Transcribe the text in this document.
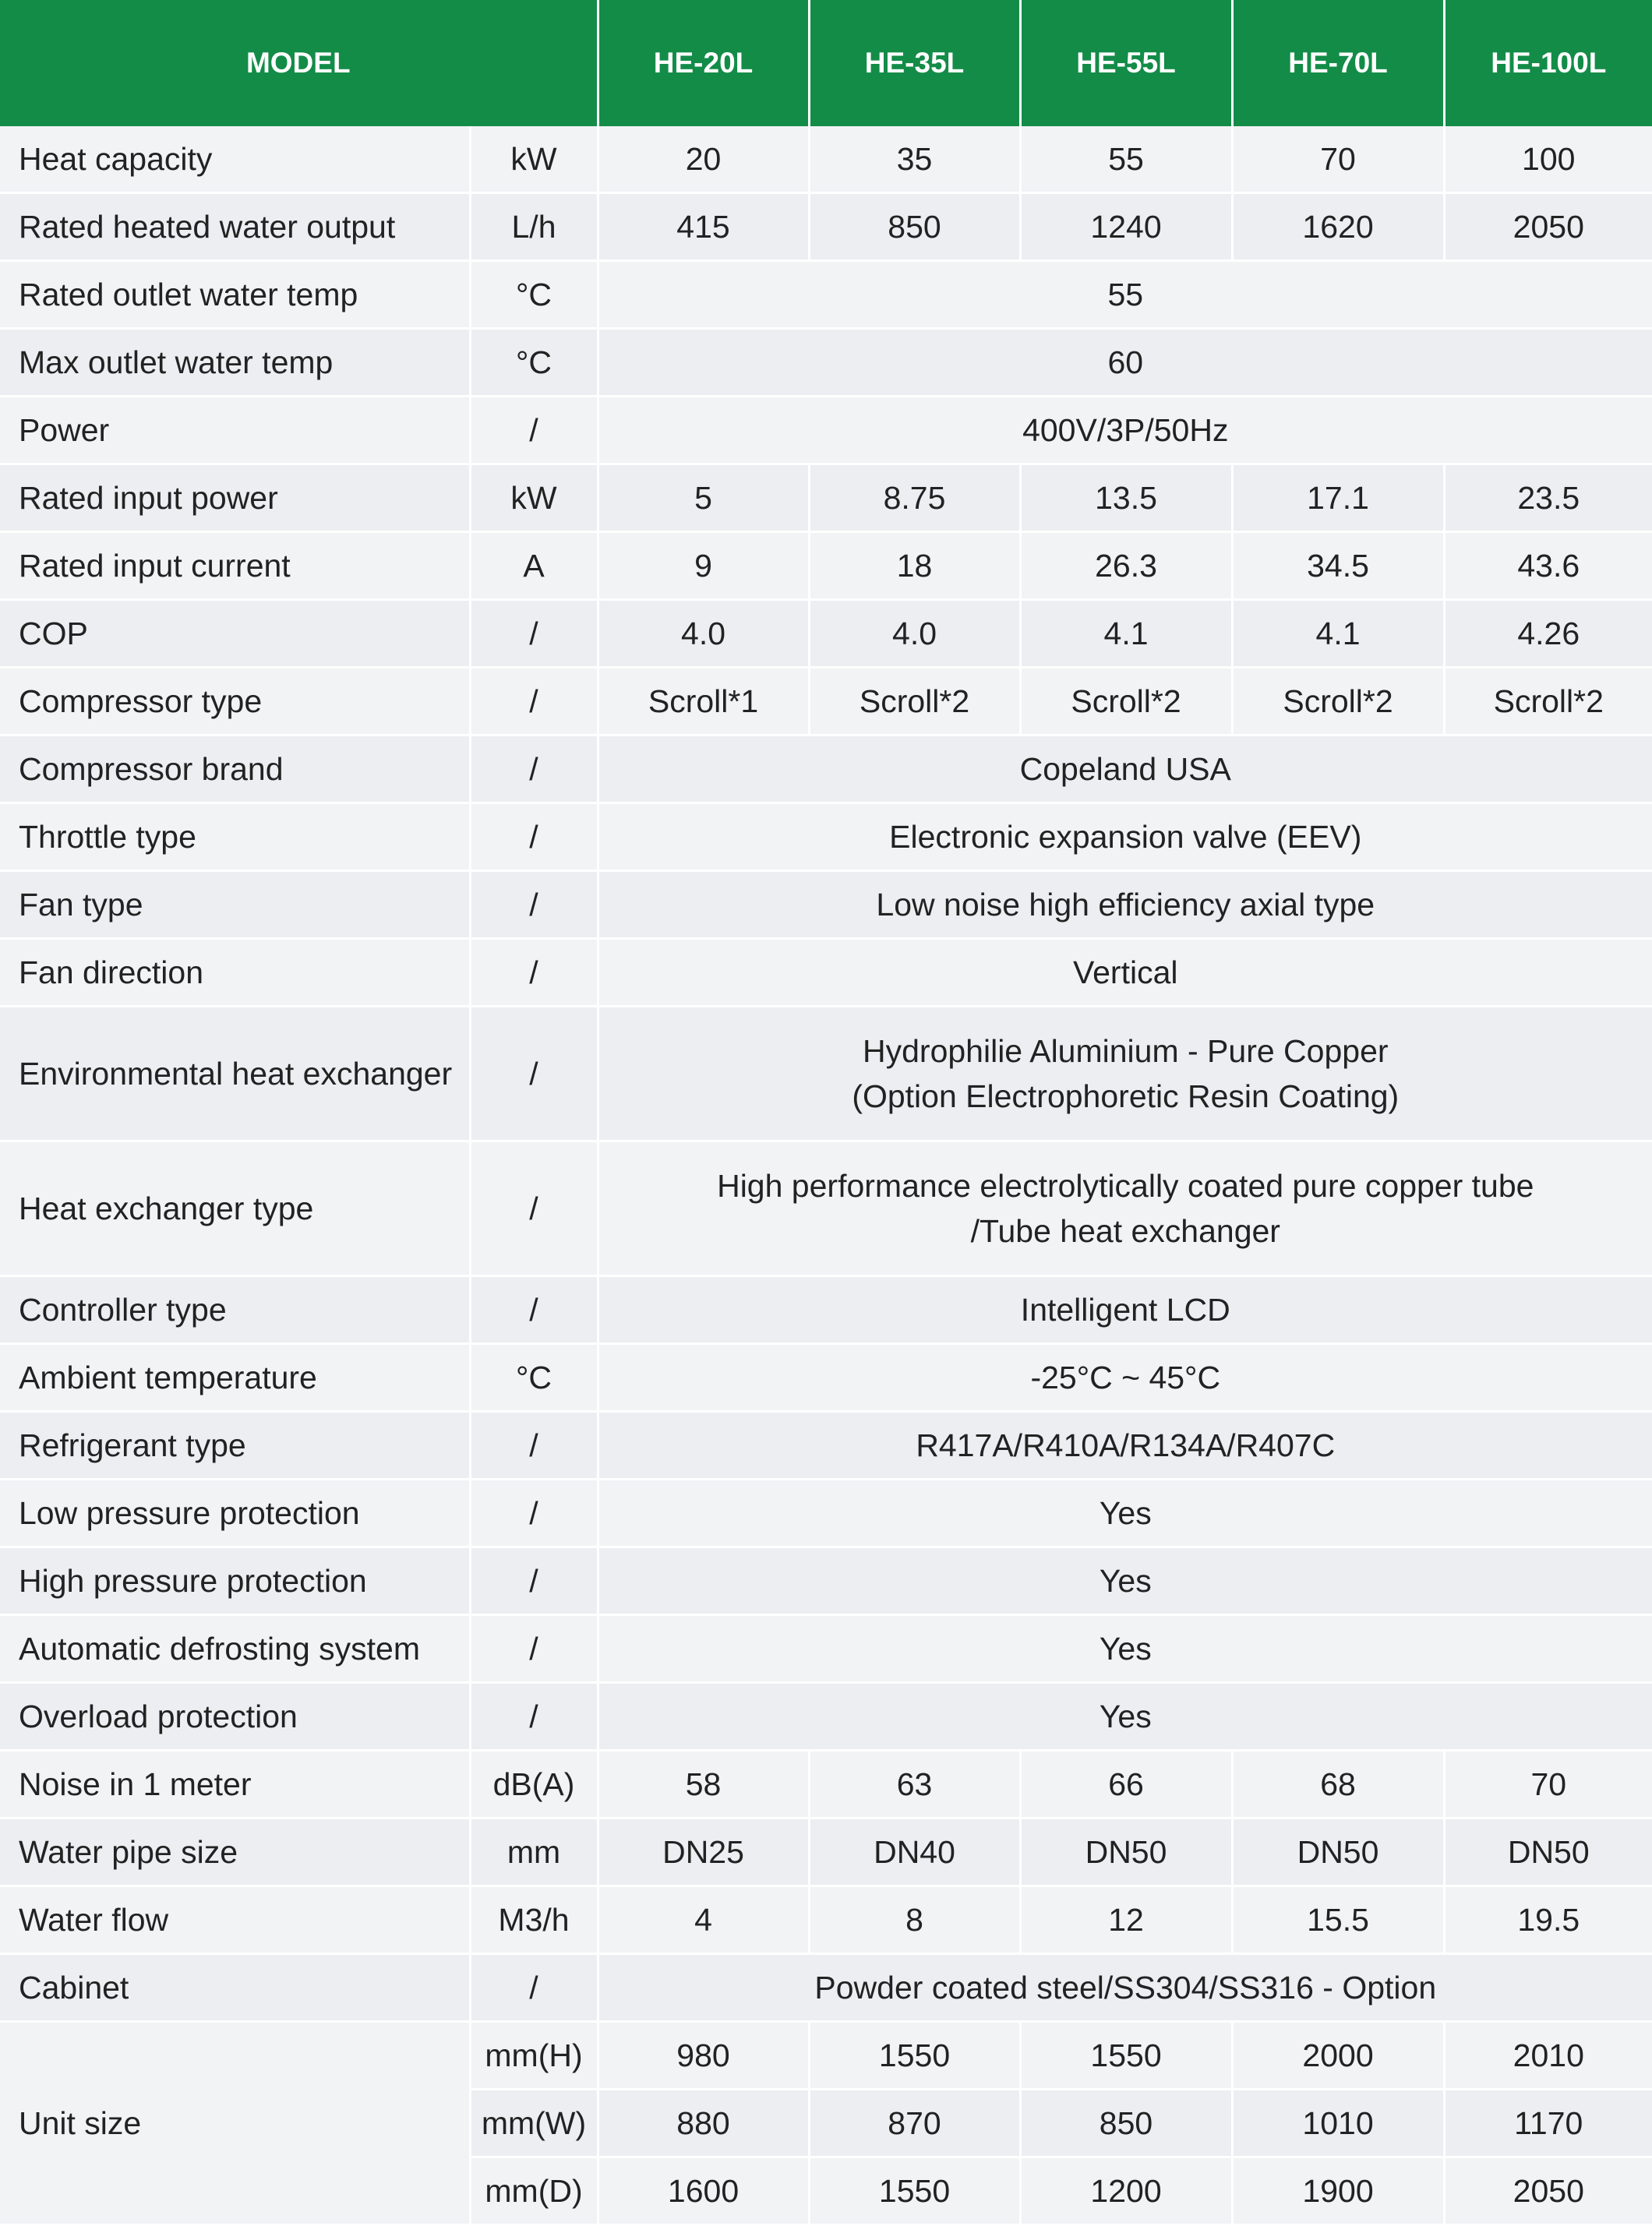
MODEL		HE-20L	HE-35L	HE-55L	HE-70L	HE-100L
Heat capacity	kW	20	35	55	70	100
Rated heated water output	L/h	415	850	1240	1620	2050
Rated outlet water temp	°C	55				
Max outlet water temp	°C	60				
Power	/	400V/3P/50Hz				
Rated input power	kW	5	8.75	13.5	17.1	23.5
Rated input current	A	9	18	26.3	34.5	43.6
COP	/	4.0	4.0	4.1	4.1	4.26
Compressor type	/	Scroll*1	Scroll*2	Scroll*2	Scroll*2	Scroll*2
Compressor brand	/	Copeland USA				
Throttle type	/	Electronic expansion valve (EEV)				
Fan type	/	Low noise high efficiency axial type				
Fan direction	/	Vertical				
Environmental heat exchanger	/	Hydrophilie Aluminium - Pure Copper
(Option Electrophoretic Resin Coating)				

Heat exchanger type	/	High performance electrolytically coated pure copper tube
/Tube heat exchanger				

Controller type	/	Intelligent LCD				
Ambient temperature	°C	-25°C ~ 45°C				
Refrigerant type	/	R417A/R410A/R134A/R407C				
Low pressure protection	/	Yes				
High pressure protection	/	Yes				
Automatic defrosting system	/	Yes				
Overload protection	/	Yes				
Noise in 1 meter	dB(A)	58	63	66	68	70
Water pipe size	mm	DN25	DN40	DN50	DN50	DN50
Water flow	M3/h	4	8	12	15.5	19.5
Cabinet	/	Powder coated steel/SS304/SS316 - Option				
Unit size	mm(H)	980	1550	1550	2000	2010
	mm(W)	880	870	850	1010	1170
	mm(D)	1600	1550	1200	1900	2050
